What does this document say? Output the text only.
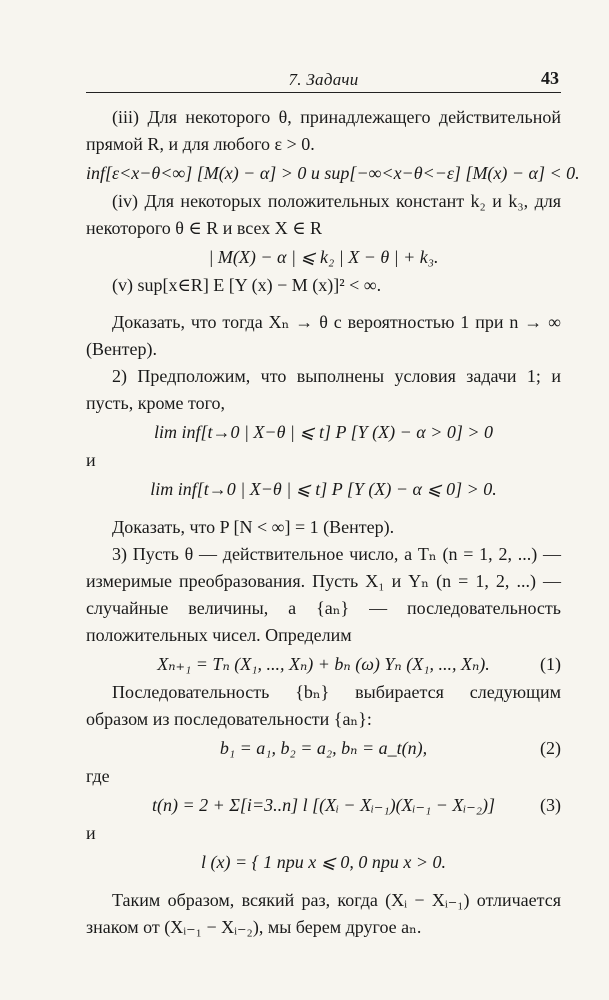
7. Задачи	43

(iii) Для некоторого θ, принадлежащего действительной прямой R, и для любого ε > 0.

inf[ε<x−θ<∞] [M(x) − α] > 0 и sup[−∞<x−θ<−ε] [M(x) − α] < 0.

(iv) Для некоторых положительных констант k₂ и k₃, для некоторого θ ∈ R и всех X ∈ R

| M(X) − α | ⩽ k₂ | X − θ | + k₃.

(v) sup[x∈R] E [Y (x) − M (x)]² < ∞.

Доказать, что тогда Xₙ → θ с вероятностью 1 при n → ∞ (Вентер).

2) Предположим, что выполнены условия задачи 1; и пусть, кроме того,

lim inf[t→0 | X−θ | ⩽ t] P [Y (X) − α > 0] > 0

и

lim inf[t→0 | X−θ | ⩽ t] P [Y (X) − α ⩽ 0] > 0.

Доказать, что P [N < ∞] = 1 (Вентер).

3) Пусть θ — действительное число, а Tₙ (n = 1, 2, ...) — измеримые преобразования. Пусть X₁ и Yₙ (n = 1, 2, ...) — случайные величины, а {aₙ} — последовательность положительных чисел. Определим

Xₙ₊₁ = Tₙ (X₁, ..., Xₙ) + bₙ (ω) Yₙ (X₁, ..., Xₙ).	(1)

Последовательность {bₙ} выбирается следующим образом из последовательности {aₙ}:

b₁ = a₁, b₂ = a₂, bₙ = a_t(n),	(2)

где

t(n) = 2 + Σ[i=3..n] l [(Xᵢ − Xᵢ₋₁)(Xᵢ₋₁ − Xᵢ₋₂)] (3)

и

l (x) = { 1 при x ⩽ 0, 0 при x > 0.

Таким образом, всякий раз, когда (Xᵢ − Xᵢ₋₁) отличается знаком от (Xᵢ₋₁ − Xᵢ₋₂), мы берем другое aₙ.
